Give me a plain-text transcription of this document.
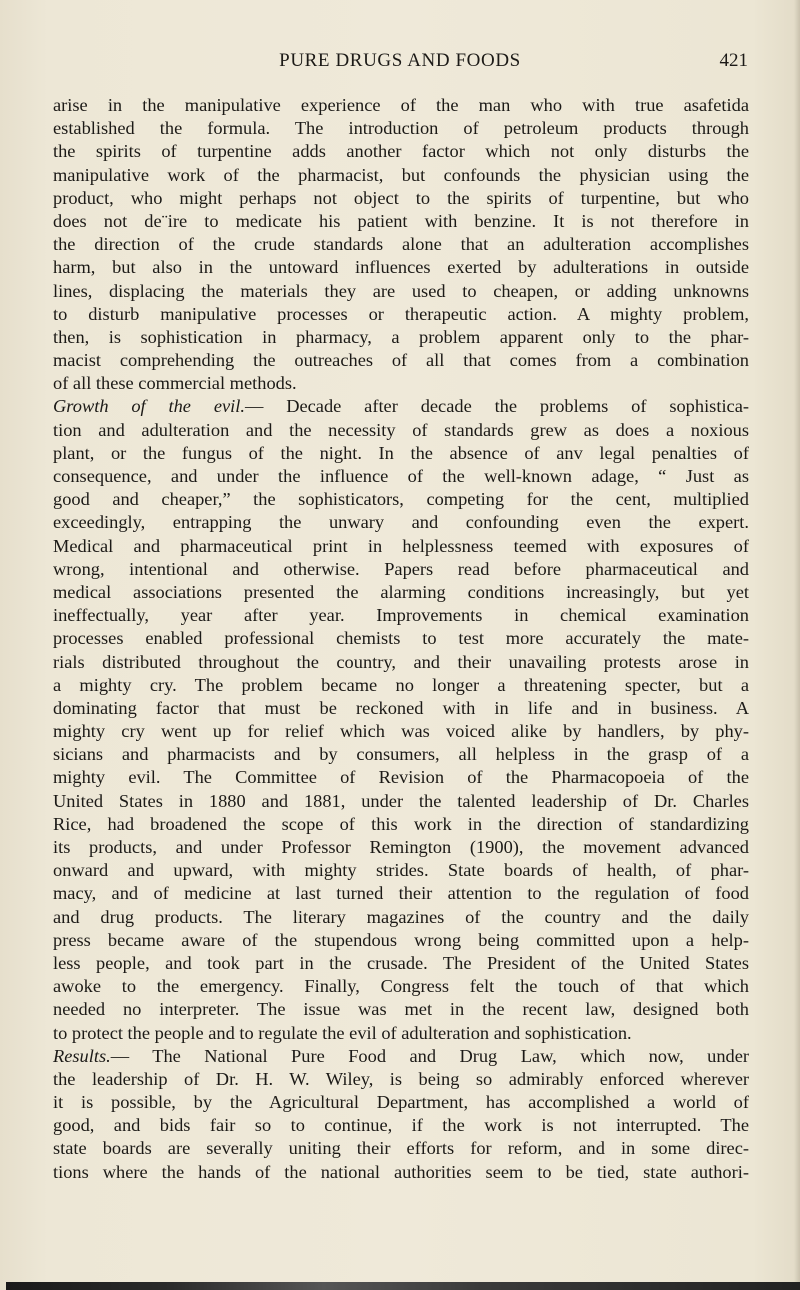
PURE DRUGS AND FOODS	421
arise in the manipulative experience of the man who with true asafetida
established the formula. The introduction of petroleum products through
the spirits of turpentine adds another factor which not only disturbs the
manipulative work of the pharmacist, but confounds the physician using the
product, who might perhaps not object to the spirits of turpentine, but who
does not de¨ire to medicate his patient with benzine. It is not therefore in
the direction of the crude standards alone that an adulteration accomplishes
harm, but also in the untoward influences exerted by adulterations in outside
lines, displacing the materials they are used to cheapen, or adding unknowns
to disturb manipulative processes or therapeutic action. A mighty problem,
then, is sophistication in pharmacy, a problem apparent only to the phar-
macist comprehending the outreaches of all that comes from a combination
of all these commercial methods.
Growth of the evil.— Decade after decade the problems of sophistica-
tion and adulteration and the necessity of standards grew as does a noxious
plant, or the fungus of the night. In the absence of anv legal penalties of
consequence, and under the influence of the well-known adage, “ Just as
good and cheaper,” the sophisticators, competing for the cent, multiplied
exceedingly, entrapping the unwary and confounding even the expert.
Medical and pharmaceutical print in helplessness teemed with exposures of
wrong, intentional and otherwise. Papers read before pharmaceutical and
medical associations presented the alarming conditions increasingly, but yet
ineffectually, year after year. Improvements in chemical examination
processes enabled professional chemists to test more accurately the mate-
rials distributed throughout the country, and their unavailing protests arose in
a mighty cry. The problem became no longer a threatening specter, but a
dominating factor that must be reckoned with in life and in business. A
mighty cry went up for relief which was voiced alike by handlers, by phy-
sicians and pharmacists and by consumers, all helpless in the grasp of a
mighty evil. The Committee of Revision of the Pharmacopoeia of the
United States in 1880 and 1881, under the talented leadership of Dr. Charles
Rice, had broadened the scope of this work in the direction of standardizing
its products, and under Professor Remington (1900), the movement advanced
onward and upward, with mighty strides. State boards of health, of phar-
macy, and of medicine at last turned their attention to the regulation of food
and drug products. The literary magazines of the country and the daily
press became aware of the stupendous wrong being committed upon a help-
less people, and took part in the crusade. The President of the United States
awoke to the emergency. Finally, Congress felt the touch of that which
needed no interpreter. The issue was met in the recent law, designed both
to protect the people and to regulate the evil of adulteration and sophistication.
Results.— The National Pure Food and Drug Law, which now, under
the leadership of Dr. H. W. Wiley, is being so admirably enforced wherever
it is possible, by the Agricultural Department, has accomplished a world of
good, and bids fair so to continue, if the work is not interrupted. The
state boards are severally uniting their efforts for reform, and in some direc-
tions where the hands of the national authorities seem to be tied, state authori-
